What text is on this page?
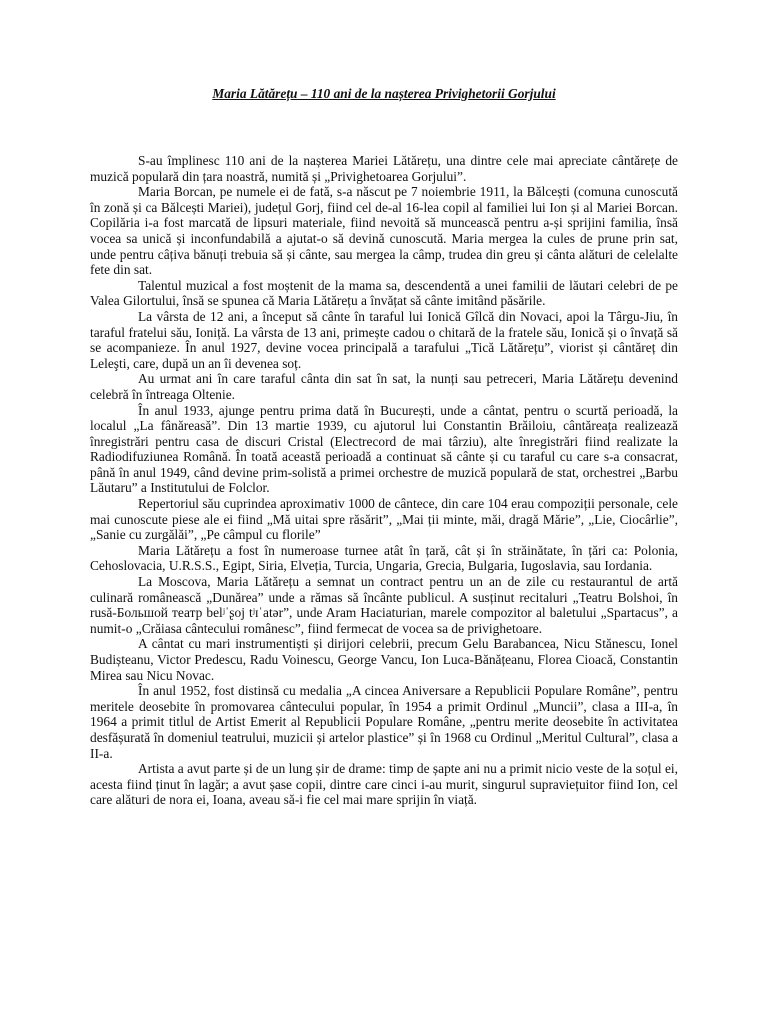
Maria Lătărețu – 110 ani de la nașterea Privighetorii Gorjului

S-au împlinesc 110 ani de la nașterea Mariei Lătărețu, una dintre cele mai apreciate cântărețe de muzică populară din țara noastră, numită și „Privighetoarea Gorjului”.

Maria Borcan, pe numele ei de fată, s-a născut pe 7 noiembrie 1911, la Bălcești (comuna cunoscută în zonă și ca Bălcești Mariei), județul Gorj, fiind cel de-al 16-lea copil al familiei lui Ion și al Mariei Borcan. Copilăria i-a fost marcată de lipsuri materiale, fiind nevoită să muncească pentru a-și sprijini familia, însă vocea sa unică și inconfundabilă a ajutat-o să devină cunoscută. Maria mergea la cules de prune prin sat, unde pentru câțiva bănuți trebuia să și cânte, sau mergea la câmp, trudea din greu și cânta alături de celelalte fete din sat.

Talentul muzical a fost moștenit de la mama sa, descendentă a unei familii de lăutari celebri de pe Valea Gilortului, însă se spunea că Maria Lătărețu a învățat să cânte imitând păsările.

La vârsta de 12 ani, a început să cânte în taraful lui Ionică Gîlcă din Novaci, apoi la Târgu-Jiu, în taraful fratelui său, Ioniță. La vârsta de 13 ani, primește cadou o chitară de la fratele său, Ionică și o învață să se acompanieze. În anul 1927, devine vocea principală a tarafului „Tică Lătărețu”, viorist și cântăreț din Leleşti, care, după un an îi devenea soț.

Au urmat ani în care taraful cânta din sat în sat, la nunți sau petreceri, Maria Lătărețu devenind celebră în întreaga Oltenie.

În anul 1933, ajunge pentru prima dată în București, unde a cântat, pentru o scurtă perioadă, la localul „La fânăreasă”. Din 13 martie 1939, cu ajutorul lui Constantin Brăiloiu, cântăreața realizează înregistrări pentru casa de discuri Cristal (Electrecord de mai târziu), alte înregistrări fiind realizate la Radiodifuziunea Română. În toată această perioadă a continuat să cânte și cu taraful cu care s-a consacrat, până în anul 1949, când devine prim-solistă a primei orchestre de muzică populară de stat, orchestrei „Barbu Lăutaru” a Institutului de Folclor.

Repertoriul său cuprindea aproximativ 1000 de cântece, din care 104 erau compoziții personale, cele mai cunoscute piese ale ei fiind „Mă uitai spre răsărit”, „Mai ții minte, măi, dragă Mărie”, „Lie, Ciocârlie”, „Sanie cu zurgălăi”, „Pe câmpul cu florile”

Maria Lătărețu a fost în numeroase turnee atât în țară, cât și în străinătate, în țări ca: Polonia, Cehoslovacia, U.R.S.S., Egipt, Siria, Elveția, Turcia, Ungaria, Grecia, Bulgaria, Iugoslavia, sau Iordania.

La Moscova, Maria Lătărețu a semnat un contract pentru un an de zile cu restaurantul de artă culinară românească „Dunărea” unde a rămas să încânte publicul. A susținut recitaluri „Teatru Bolshoi, în rusă-Большой театр belʲˈʂoj tʲɪˈatər”, unde Aram Haciaturian, marele compozitor al baletului „Spartacus”, a numit-o „Crăiasa cântecului românesc”, fiind fermecat de vocea sa de privighetoare.

A cântat cu mari instrumentiști și dirijori celebrii, precum Gelu Barabancea, Nicu Stănescu, Ionel Budișteanu, Victor Predescu, Radu Voinescu, George Vancu, Ion Luca-Bănățeanu, Florea Cioacă, Constantin Mirea sau Nicu Novac.

În anul 1952, fost distinsă cu medalia „A cincea Aniversare a Republicii Populare Române”, pentru meritele deosebite în promovarea cântecului popular, în 1954 a primit Ordinul „Muncii”, clasa a III-a, în 1964 a primit titlul de Artist Emerit al Republicii Populare Române, „pentru merite deosebite în activitatea desfășurată în domeniul teatrului, muzicii și artelor plastice” și în 1968 cu Ordinul „Meritul Cultural”, clasa a II-a.

Artista a avut parte și de un lung șir de drame: timp de șapte ani nu a primit nicio veste de la soțul ei, acesta fiind ținut în lagăr; a avut șase copii, dintre care cinci i-au murit, singurul supraviețuitor fiind Ion, cel care alături de nora ei, Ioana, aveau să-i fie cel mai mare sprijin în viață.
